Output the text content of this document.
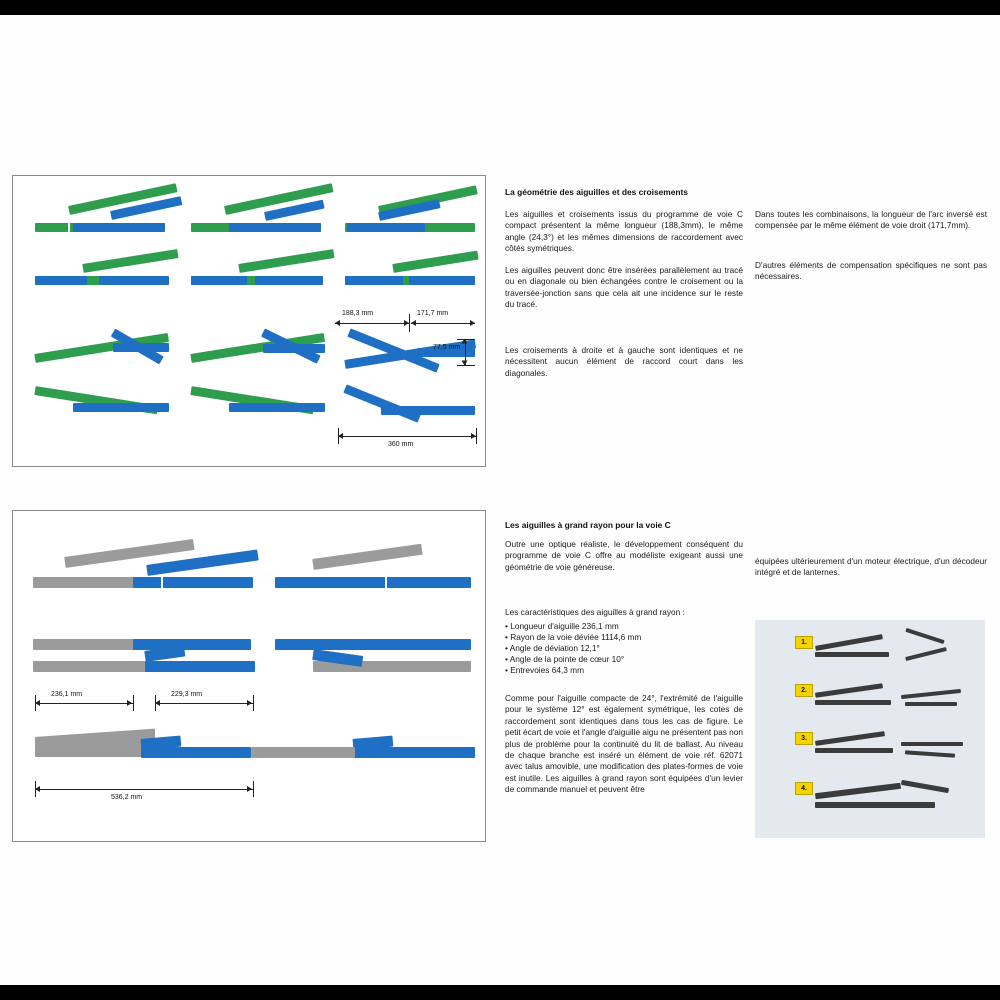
188,3 mm	171,7 mm
77,5 mm
360 mm
236,1 mm	229,3 mm
536,2 mm
La géométrie des aiguilles et des croisements
Les aiguilles et croisements issus du programme de voie C compact présentent la même longueur (188,3mm), le même angle (24,3°) et les mêmes dimensions de raccordement avec côtés symétriques.
Les aiguilles peuvent donc être insérées parallèlement au tracé ou en diagonale ou bien échangées contre le croisement ou la traversée-jonction sans que cela ait une incidence sur le reste du tracé.
Les croisements à droite et à gauche sont identiques et ne nécessitent aucun élément de raccord court dans les diagonales.
Dans toutes les combinaisons, la longueur de l'arc inversé est compensée par le même élément de voie droit (171,7mm).
D'autres éléments de compensation spécifiques ne sont pas nécessaires.
Les aiguilles à grand rayon pour la voie C
Outre une optique réaliste, le développement conséquent du programme de voie C offre au modéliste exigeant aussi une géométrie de voie généreuse.
Les caractéristiques des aiguilles à grand rayon :
• Longueur d'aiguille 236,1 mm
• Rayon de la voie déviée 1114,6 mm
• Angle de déviation 12,1°
• Angle de la pointe de cœur 10°
• Entrevoies 64,3 mm
Comme pour l'aiguille compacte de 24°, l'extrémité de l'aiguille pour le système 12° est également symétrique, les cotes de raccordement sont identiques dans tous les cas de figure. Le petit écart de voie et l'angle d'aiguille aigu ne présentent pas non plus de problème pour la continuité du lit de ballast. Au niveau de chaque branche est inséré un élément de voie réf. 62071 avec talus amovible, une modification des plates-formes de voie est inutile. Les aiguilles à grand rayon sont équipées d'un levier de commande manuel et peuvent être
équipées ultérieurement d'un moteur électrique, d'un décodeur intégré et de lanternes.
1.
2.
3.
4.
